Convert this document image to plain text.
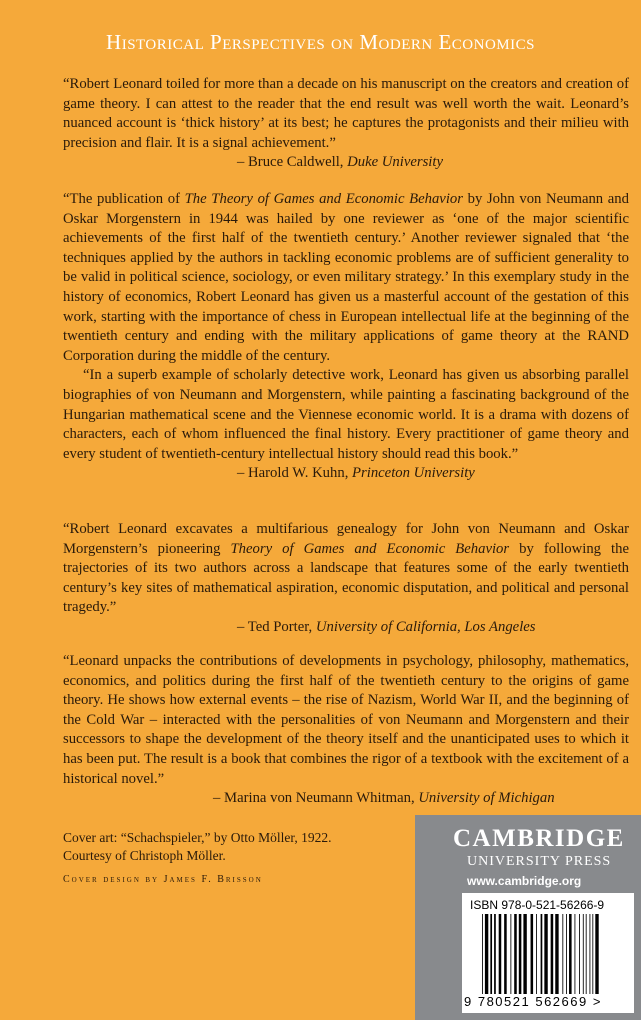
Historical Perspectives on Modern Economics

“Robert Leonard toiled for more than a decade on his manuscript on the creators and creation of game theory. I can attest to the reader that the end result was well worth the wait. Leonard’s nuanced account is ‘thick history’ at its best; he captures the protagonists and their milieu with precision and flair. It is a signal achievement.”

– Bruce Caldwell, Duke University

“The publication of The Theory of Games and Economic Behavior by John von Neumann and Oskar Morgenstern in 1944 was hailed by one reviewer as ‘one of the major scientific achievements of the first half of the twentieth century.’ Another reviewer signaled that ‘the techniques applied by the authors in tackling economic problems are of sufficient generality to be valid in political science, sociology, or even military strategy.’ In this exemplary study in the history of economics, Robert Leonard has given us a masterful account of the gestation of this work, starting with the importance of chess in European intellectual life at the beginning of the twentieth century and ending with the military applications of game theory at the RAND Corporation during the middle of the century.

“In a superb example of scholarly detective work, Leonard has given us absorbing parallel biographies of von Neumann and Morgenstern, while painting a fascinating background of the Hungarian mathematical scene and the Viennese economic world. It is a drama with dozens of characters, each of whom influenced the final history. Every practitioner of game theory and every student of twentieth-century intellectual history should read this book.”

– Harold W. Kuhn, Princeton University

“Robert Leonard excavates a multifarious genealogy for John von Neumann and Oskar Morgenstern’s pioneering Theory of Games and Economic Behavior by following the trajectories of its two authors across a landscape that features some of the early twentieth century’s key sites of mathematical aspiration, economic disputation, and political and personal tragedy.”

– Ted Porter, University of California, Los Angeles

“Leonard unpacks the contributions of developments in psychology, philosophy, mathematics, economics, and politics during the first half of the twentieth century to the origins of game theory. He shows how external events – the rise of Nazism, World War II, and the beginning of the Cold War – interacted with the personalities of von Neumann and Morgenstern and their successors to shape the development of the theory itself and the unanticipated uses to which it has been put. The result is a book that combines the rigor of a textbook with the excitement of a historical novel.”

– Marina von Neumann Whitman, University of Michigan
Cover art: “Schachspieler,” by Otto Möller, 1922.
Courtesy of Christoph Möller.
Cover design by James F. Brisson
CAMBRIDGE
UNIVERSITY PRESS
www.cambridge.org
ISBN 978-0-521-56266-9
9 780521 562669 >
